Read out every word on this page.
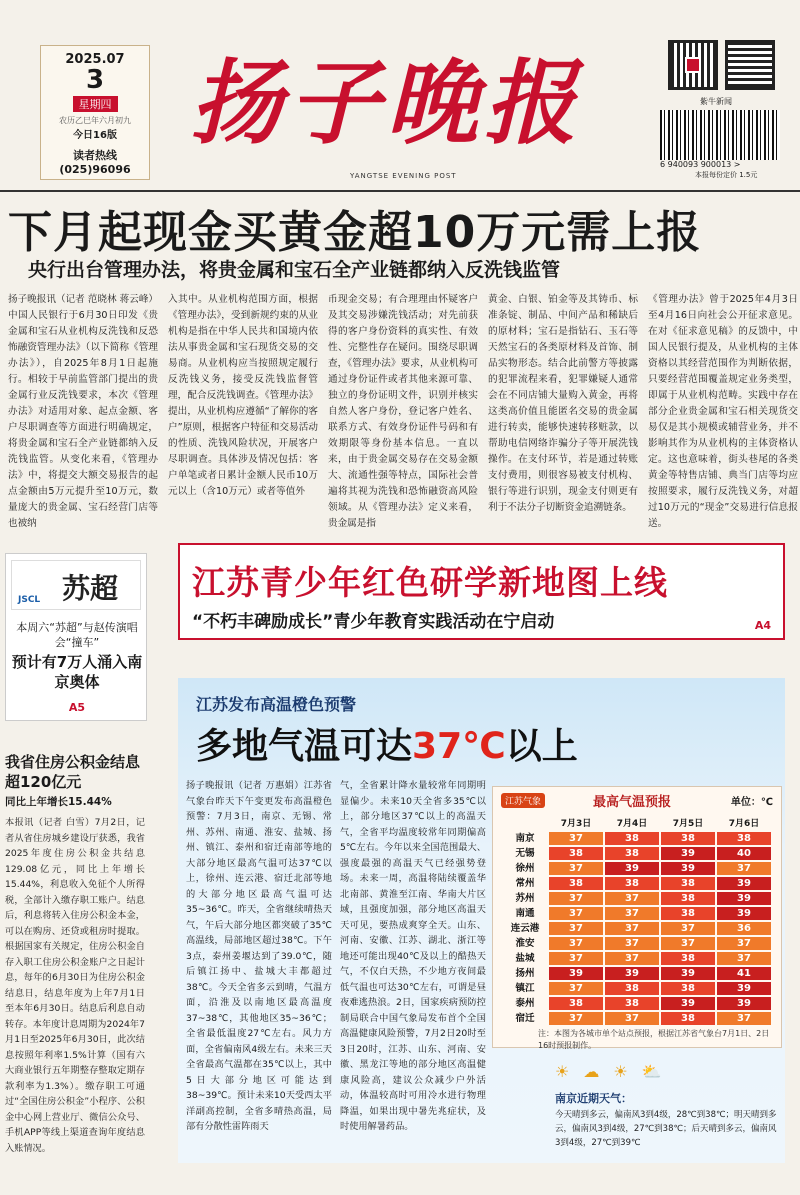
2025.07
3
星期四
农历乙巳年六月初九
今日16版
读者热线
(025)96096
扬子晚报
YANGTSE EVENING POST
紫牛新闻
6 940093 900013 >
本报每份定价 1.5元
下月起现金买黄金超10万元需上报
央行出台管理办法，将贵金属和宝石全产业链都纳入反洗钱监管
扬子晚报讯（记者 范晓林 蒋云峰）中国人民银行于6月30日印发《贵金属和宝石从业机构反洗钱和反恐怖融资管理办法》（以下简称《管理办法》），自2025年8月1日起施行。相较于早前监管部门提出的贵金属行业反洗钱要求，本次《管理办法》对适用对象、起点金额、客户尽职调查等方面进行明确规定，将贵金属和宝石全产业链都纳入反洗钱监管。从变化来看，《管理办法》中，将提交大额交易报告的起点金额由5万元提升至10万元，数量庞大的贵金属、宝石经营门店等也被纳
入其中。从业机构范围方面，根据《管理办法》，受到新规约束的从业机构是指在中华人民共和国境内依法从事贵金属和宝石现货交易的交易商。从业机构应当按照规定履行反洗钱义务，接受反洗钱监督管理，配合反洗钱调查。《管理办法》提出，从业机构应遵循“了解你的客户”原则，根据客户特征和交易活动的性质、洗钱风险状况，开展客户尽职调查。具体涉及情况包括：客户单笔或者日累计金额人民币10万元以上（含10万元）或者等值外
币现金交易；有合理理由怀疑客户及其交易涉嫌洗钱活动；对先前获得的客户身份资料的真实性、有效性、完整性存在疑问。围绕尽职调查，《管理办法》要求，从业机构可通过身份证件或者其他来源可靠、独立的身份证明文件，识别并核实自然人客户身份，登记客户姓名、联系方式、有效身份证件号码和有效期限等身份基本信息。一直以来，由于贵金属交易存在交易金额大、流通性强等特点，国际社会普遍将其视为洗钱和恐怖融资高风险领域。从《管理办法》定义来看，贵金属是指
黄金、白银、铂金等及其铸币、标准条锭、制品、中间产品和稀缺后的原材料；宝石是指钻石、玉石等天然宝石的各类原材料及首饰、制品实物形态。结合此前警方等披露的犯罪流程来看，犯罪嫌疑人通常会在不同店铺大量购入黄金，再将这类高价值且能匿名交易的贵金属进行转卖，能够快速转移赃款，以帮助电信网络诈骗分子等开展洗钱操作。在支付环节，若是通过转账支付费用，则很容易被支付机构、银行等进行识别，现金支付则更有利于不法分子切断资金追溯链条。
《管理办法》曾于2025年4月3日至4月16日向社会公开征求意见。在对《征求意见稿》的反馈中，中国人民银行提及，从业机构的主体资格以其经营范围作为判断依据，只要经营范围覆盖规定业务类型，即属于从业机构范畴。实践中存在部分企业贵金属和宝石相关现货交易仅是其小规模或辅营业务，并不影响其作为从业机构的主体资格认定。这也意味着，街头巷尾的各类黄金等特售店铺、典当门店等均应按照要求，履行反洗钱义务，对超过10万元的“现金”交易进行信息报送。
江苏青少年红色研学新地图上线
“不朽丰碑励成长”青少年教育实践活动在宁启动	A4
苏超
JSCL
本周六“苏超”与赵传演唱会“撞车”
预计有7万人涌入南京奥体
A5
我省住房公积金结息超120亿元
同比上年增长15.44%
本报讯（记者 白雪）7月2日，记者从省住房城乡建设厅获悉，我省2025年度住房公积金共结息129.08亿元，同比上年增长15.44%，利息收入免征个人所得税，全部计入缴存职工账户。结息后，利息将转入住房公积金本金，可以在购房、还贷或租房时提取。根据国家有关规定，住房公积金自存入职工住房公积金账户之日起计息，每年的6月30日为住房公积金结息日，结息年度为上年7月1日至本年6月30日。结息后利息自动转存。本年度计息周期为2024年7月1日至2025年6月30日，此次结息按照年利率1.5%计算（国有六大商业银行五年期整存整取定期存款利率为1.3%）。缴存职工可通过“全国住房公积金”小程序、公积金中心网上营业厅、微信公众号、手机APP等线上渠道查询年度结息入账情况。
江苏发布高温橙色预警
多地气温可达37℃以上
扬子晚报讯（记者 万惠娟）江苏省气象台昨天下午变更发布高温橙色预警：7月3日，南京、无锡、常州、苏州、南通、淮安、盐城、扬州、镇江、泰州和宿迁南部等地的大部分地区最高气温可达37℃以上，徐州、连云港、宿迁北部等地的大部分地区最高气温可达35~36℃。昨天，全省继续晴热天气，午后大部分地区都突破了35℃高温线，局部地区超过38℃。下午3点，泰州姜堰达到了39.0℃，随后镇江扬中、盐城大丰都超过38℃。今天全省多云到晴，气温方面，沿淮及以南地区最高温度37~38℃，其他地区35~36℃；全省最低温度27℃左右。风力方面，全省偏南风4级左右。未来三天全省最高气温都在35℃以上，其中5日大部分地区可能达到38~39℃。预计未来10天受西太平洋副高控制，全省多晴热高温，局部有分散性雷阵雨天
气，全省累计降水量较常年同期明显偏少。未来10天全省多35℃以上，部分地区37℃以上的高温天气，全省平均温度较常年同期偏高5℃左右。今年以来全国范围最大、强度最强的高温天气已经强势登场。未来一周，高温将陆续覆盖华北南部、黄淮至江南、华南大片区域，且强度加强，部分地区高温天天可见，要热成爽穿全天。山东、河南、安徽、江苏、湖北、浙江等地还可能出现40℃及以上的酷热天气，不仅白天热，不少地方夜间最低气温也可达30℃左右，可谓是昼夜难逃热浪。2日，国家疾病预防控制局联合中国气象局发布首个全国高温健康风险预警，7月2日20时至3日20时，江苏、山东、河南、安徽、黑龙江等地的部分地区高温健康风险高，建议公众减少户外活动，体温较高时可用冷水进行物理降温，如果出现中暑先兆症状，及时使用解暑药品。
江苏气象	最高气温预报	单位：℃
	7月3日	7月4日	7月5日	7月6日
南京	37	38	38	38
无锡	38	38	39	40
徐州	37	39	39	37
常州	38	38	38	39
苏州	37	37	38	39
南通	37	37	38	39
连云港	37	37	37	36
淮安	37	37	37	37
盐城	37	37	38	37
扬州	39	39	39	41
镇江	37	38	38	39
泰州	38	38	39	39
宿迁	37	37	38	37
注：本图为各城市单个站点预报，根据江苏省气象台7月1日、2日16时预报制作。
☀☁☀⛅
南京近期天气：
今天晴到多云，偏南风3到4级，28℃到38℃；明天晴到多云，偏南风3到4级，27℃到38℃；后天晴到多云，偏南风3到4级，27℃到39℃
